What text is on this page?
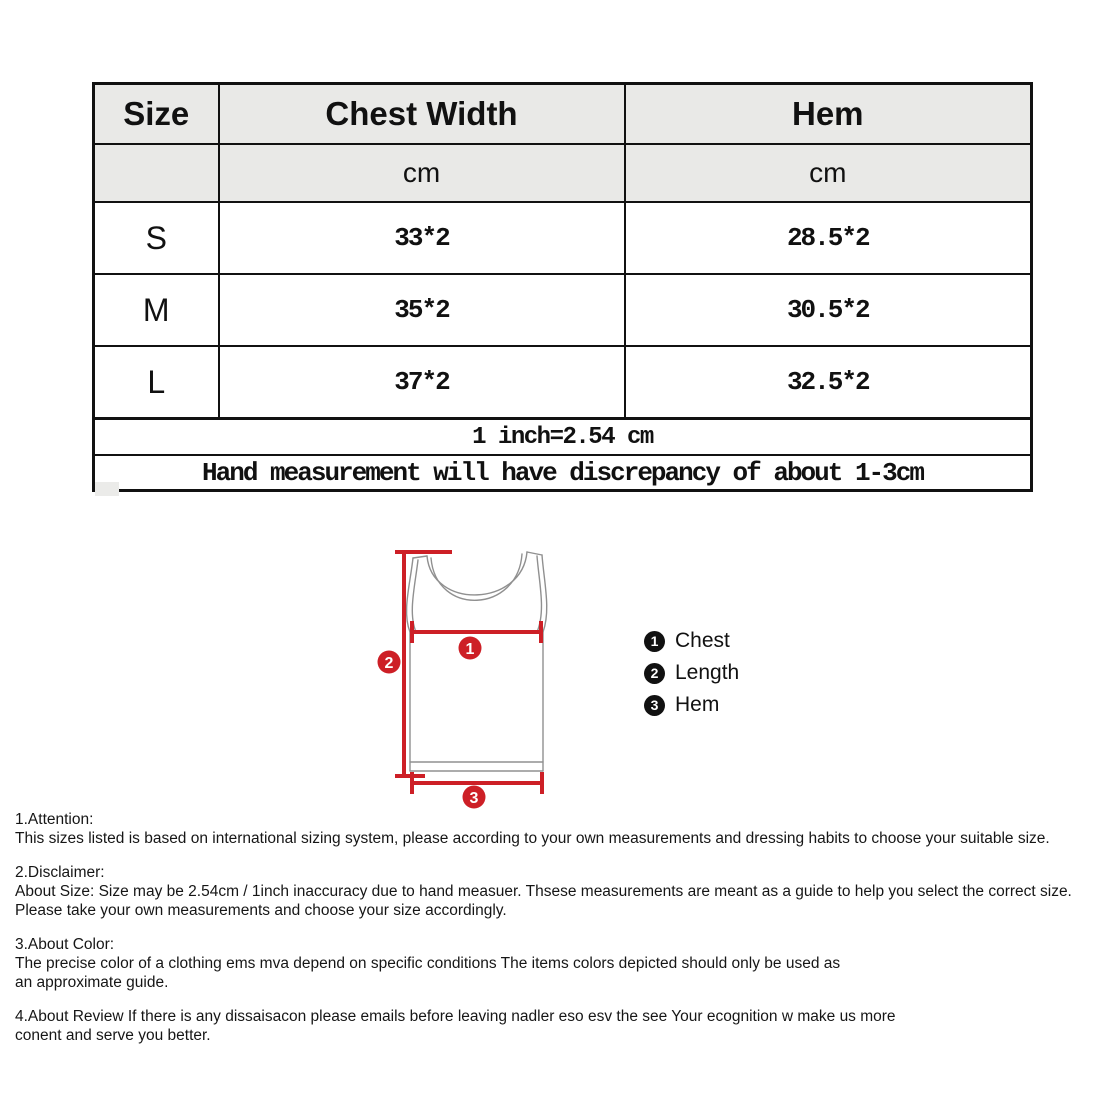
Size	Chest Width	Hem
	cm	cm
S	33*2	28.5*2
M	35*2	30.5*2
L	37*2	32.5*2
1 inch=2.54 cm		
Hand measurement will have discrepancy of about 1-3cm		
1
2
3
1 Chest
2 Length
3 Hem
1.Attention:
This sizes listed is based on international sizing system, please according to your own measurements and dressing habits to choose your suitable size.
2.Disclaimer:
About Size: Size may be 2.54cm / 1inch inaccuracy due to hand measuer. Thsese measurements are meant as a guide to help you select the correct size.
Please take your own measurements and choose your size accordingly.
3.About Color:
The precise color of a clothing ems mva depend on specific conditions The items colors depicted should only be used as
an approximate guide.
4.About Review If there is any dissaisacon please emails before leaving nadler eso esv the see Your ecognition w make us more
conent and serve you better.
